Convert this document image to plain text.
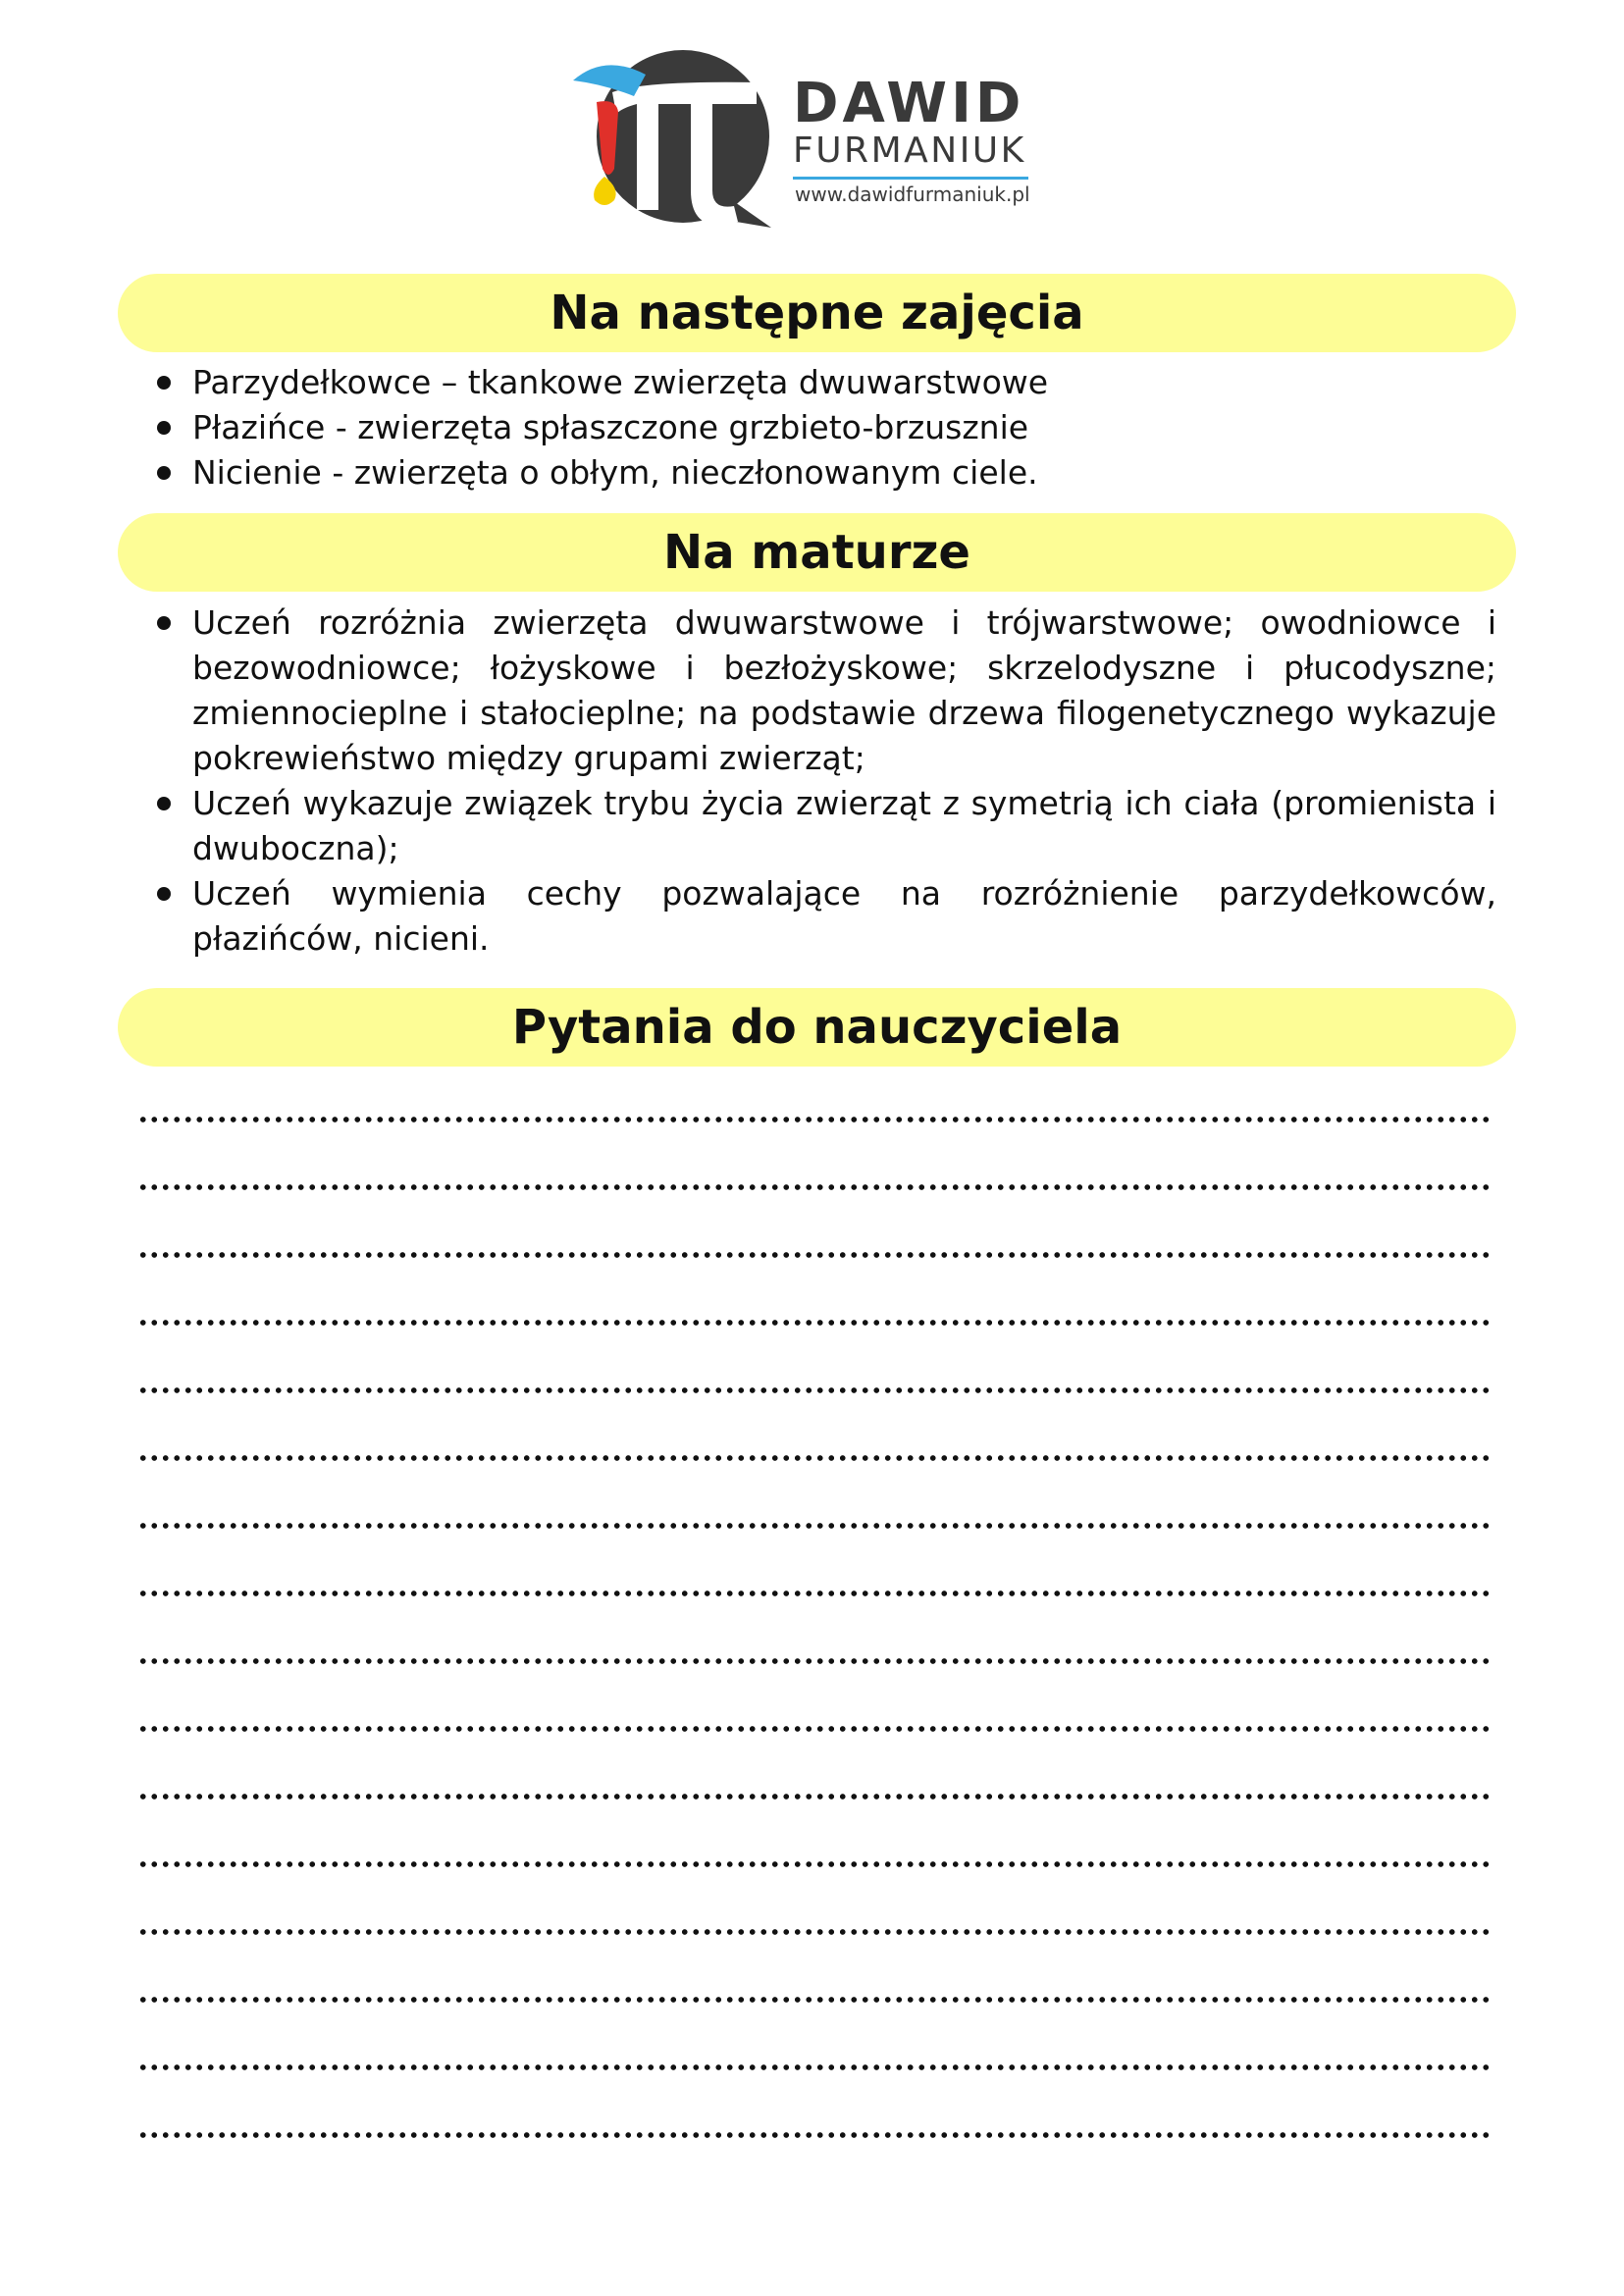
DAWID
FURMANIUK
www.dawidfurmaniuk.pl
Na następne zajęcia
Parzydełkowce – tkankowe zwierzęta dwuwarstwowe
Płazińce - zwierzęta spłaszczone grzbieto-brzusznie
Nicienie - zwierzęta o obłym, nieczłonowanym ciele.
Na maturze
Uczeń rozróżnia zwierzęta dwuwarstwowe i trójwarstwowe; owodniowce i bezowodniowce; łożyskowe i bezłożyskowe; skrzelodyszne i płucodyszne; zmiennocieplne i stałocieplne; na podstawie drzewa filogenetycznego wykazuje pokrewieństwo między grupami zwierząt;
Uczeń wykazuje związek trybu życia zwierząt z symetrią ich ciała (promienista i dwuboczna);
Uczeń wymienia cechy pozwalające na rozróżnienie parzydełkowców, płazińców, nicieni.
Pytania do nauczyciela
